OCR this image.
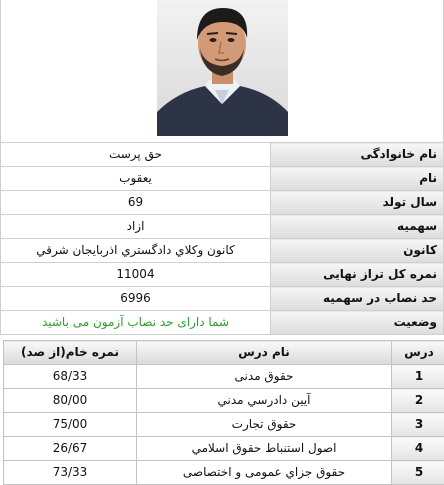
حق پرست	نام خانوادگی
یعقوب	نام
69	سال تولد
ازاد	سهمیه
کانون وکلاي دادگستري اذربايجان شرقي	کانون
11004	نمره کل تراز نهایی
6996	حد نصاب در سهمیه
شما دارای حد نصاب آزمون می باشید	وضعیت
نمره خام(از صد)	نام درس	درس
68/33	حقوق مدنی	1
80/00	آيين دادرسي مدني	2
75/00	حقوق تجارت	3
26/67	اصول استنباط حقوق اسلامي	4
73/33	حقوق جزاي عمومی و اختصاصی	5
